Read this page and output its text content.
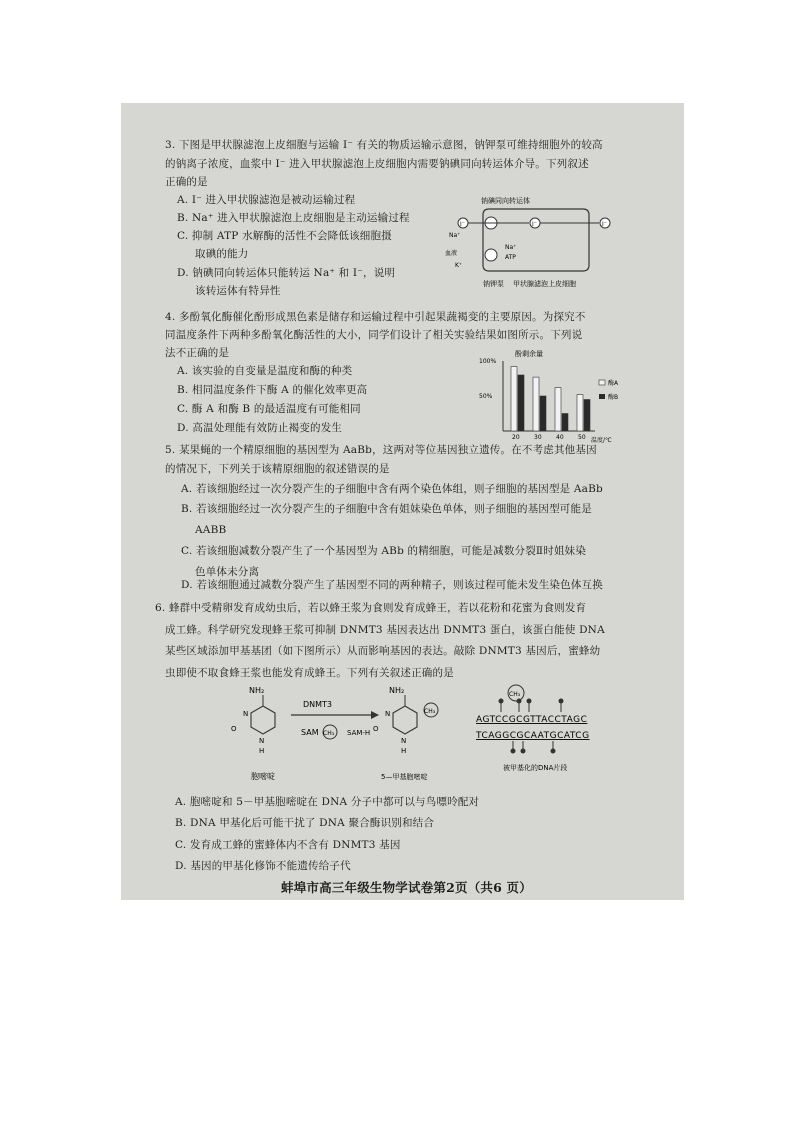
3. 下图是甲状腺滤泡上皮细胞与运输 I⁻ 有关的物质运输示意图，钠钾泵可维持细胞外的较高
的钠离子浓度，血浆中 I⁻ 进入甲状腺滤泡上皮细胞内需要钠碘同向转运体介导。下列叙述
正确的是
A. I⁻ 进入甲状腺滤泡是被动运输过程
B. Na⁺ 进入甲状腺滤泡上皮细胞是主动运输过程
C. 抑制 ATP 水解酶的活性不会降低该细胞摄
取碘的能力
D. 钠碘同向转运体只能转运 Na⁺ 和 I⁻，说明
该转运体有特异性
钠碘同向转运体
I⁻	I⁻	I⁻
Na⁺
血液
Na⁺
ATP
K⁺
钠钾泵 甲状腺滤泡上皮细胞
4. 多酚氧化酶催化酚形成黑色素是储存和运输过程中引起果蔬褐变的主要原因。为探究不
同温度条件下两种多酚氧化酶活性的大小，同学们设计了相关实验结果如图所示。下列说
法不正确的是
A. 该实验的自变量是温度和酶的种类
B. 相同温度条件下酶 A 的催化效率更高
C. 酶 A 和酶 B 的最适温度有可能相同
D. 高温处理能有效防止褐变的发生
酚剩余量
100%
50%
20 30 40 50 温度/℃
酶A
酶B
5. 某果蝇的一个精原细胞的基因型为 AaBb，这两对等位基因独立遗传。在不考虑其他基因
的情况下，下列关于该精原细胞的叙述错误的是
A. 若该细胞经过一次分裂产生的子细胞中含有两个染色体组，则子细胞的基因型是 AaBb
B. 若该细胞经过一次分裂产生的子细胞中含有姐妹染色单体，则子细胞的基因型可能是
AABB
C. 若该细胞减数分裂产生了一个基因型为 ABb 的精细胞，可能是减数分裂Ⅱ时姐妹染
色单体未分离
D. 若该细胞通过减数分裂产生了基因型不同的两种精子，则该过程可能未发生染色体互换
6. 蜂群中受精卵发育成幼虫后，若以蜂王浆为食则发育成蜂王，若以花粉和花蜜为食则发育
成工蜂。科学研究发现蜂王浆可抑制 DNMT3 基因表达出 DNMT3 蛋白，该蛋白能使 DNA
某些区域添加甲基基团（如下图所示）从而影响基因的表达。敲除 DNMT3 基因后，蜜蜂幼
虫即使不取食蜂王浆也能发育成蜂王。下列有关叙述正确的是
NH₂
N
O
N
H
胞嘧啶
DNMT3
SAM CH₃ SAM-H
NH₂
CH₃
N
O
N
H
5—甲基胞嘧啶
CH₃
AGTCCGCGTTACCTAGC
TCAGGCGCAATGCATCG
被甲基化的DNA片段
A. 胞嘧啶和 5－甲基胞嘧啶在 DNA 分子中都可以与鸟嘌呤配对
B. DNA 甲基化后可能干扰了 DNA 聚合酶识别和结合
C. 发育成工蜂的蜜蜂体内不含有 DNMT3 基因
D. 基因的甲基化修饰不能遗传给子代
蚌埠市高三年级生物学试卷第2页（共6 页）
